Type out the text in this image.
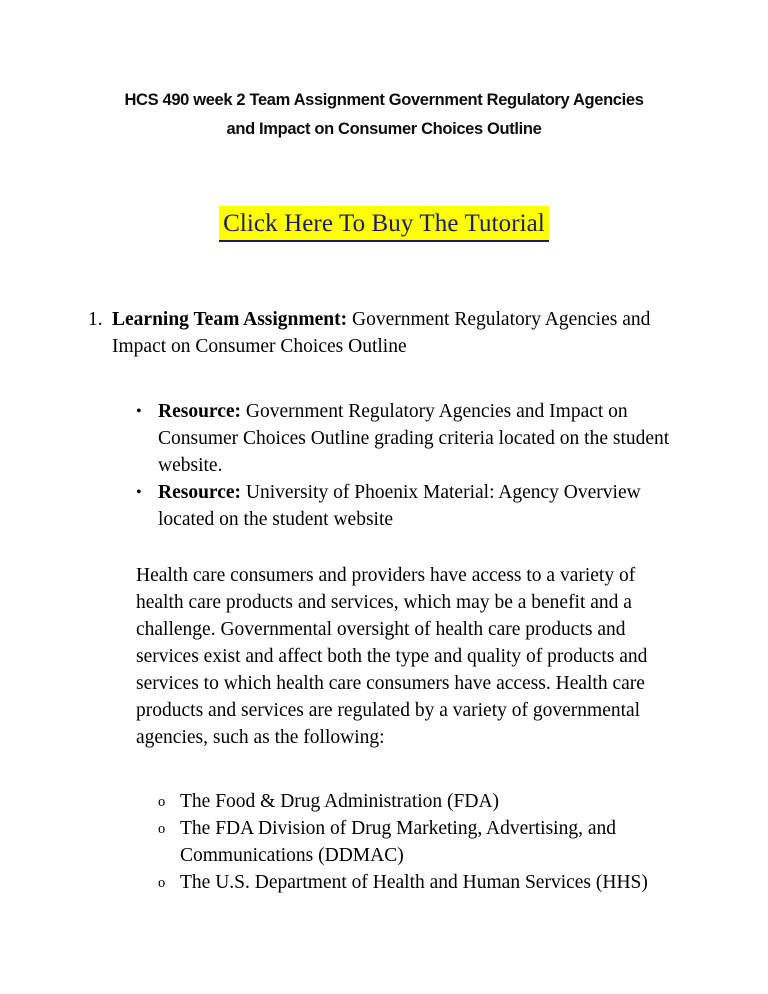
HCS 490 week 2 Team Assignment Government Regulatory Agencies
and Impact on Consumer Choices Outline
Click Here To Buy The Tutorial
1. Learning Team Assignment: Government Regulatory Agencies and Impact on Consumer Choices Outline
• Resource: Government Regulatory Agencies and Impact on Consumer Choices Outline grading criteria located on the student website.
• Resource: University of Phoenix Material: Agency Overview located on the student website
Health care consumers and providers have access to a variety of health care products and services, which may be a benefit and a challenge. Governmental oversight of health care products and services exist and affect both the type and quality of products and services to which health care consumers have access. Health care products and services are regulated by a variety of governmental agencies, such as the following:
o The Food & Drug Administration (FDA)
o The FDA Division of Drug Marketing, Advertising, and Communications (DDMAC)
o The U.S. Department of Health and Human Services (HHS)
